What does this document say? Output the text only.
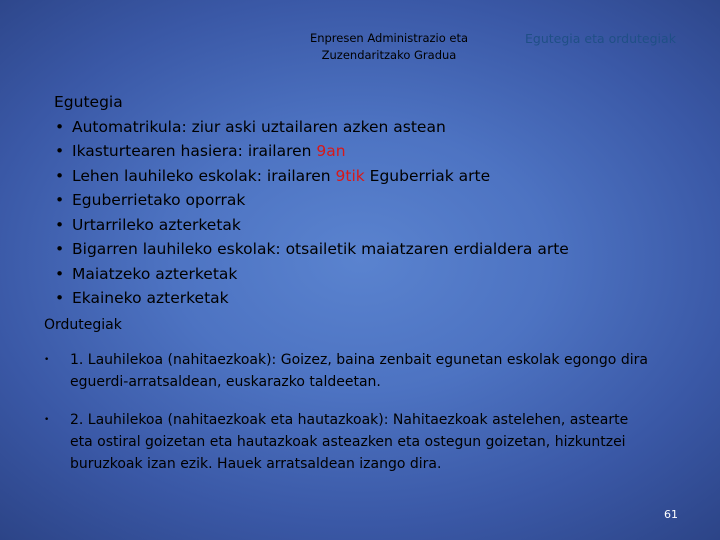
Enpresen Administrazio eta
Zuzendaritzako Gradua
Egutegia eta ordutegiak
Egutegia
• Automatrikula: ziur aski uztailaren azken astean
• Ikasturtearen hasiera: irailaren 9an
• Lehen lauhileko eskolak: irailaren 9tik Eguberriak arte
• Eguberrietako oporrak
• Urtarrileko azterketak
• Bigarren lauhileko eskolak: otsailetik maiatzaren erdialdera arte
• Maiatzeko azterketak
• Ekaineko azterketak
Ordutegiak
• 1. Lauhilekoa (nahitaezkoak): Goizez, baina zenbait egunetan eskolak egongo dira
eguerdi-arratsaldean, euskarazko taldeetan.
• 2. Lauhilekoa (nahitaezkoak eta hautazkoak): Nahitaezkoak astelehen, astearte
eta ostiral goizetan eta hautazkoak asteazken eta ostegun goizetan, hizkuntzei
buruzkoak izan ezik. Hauek arratsaldean izango dira.
61
